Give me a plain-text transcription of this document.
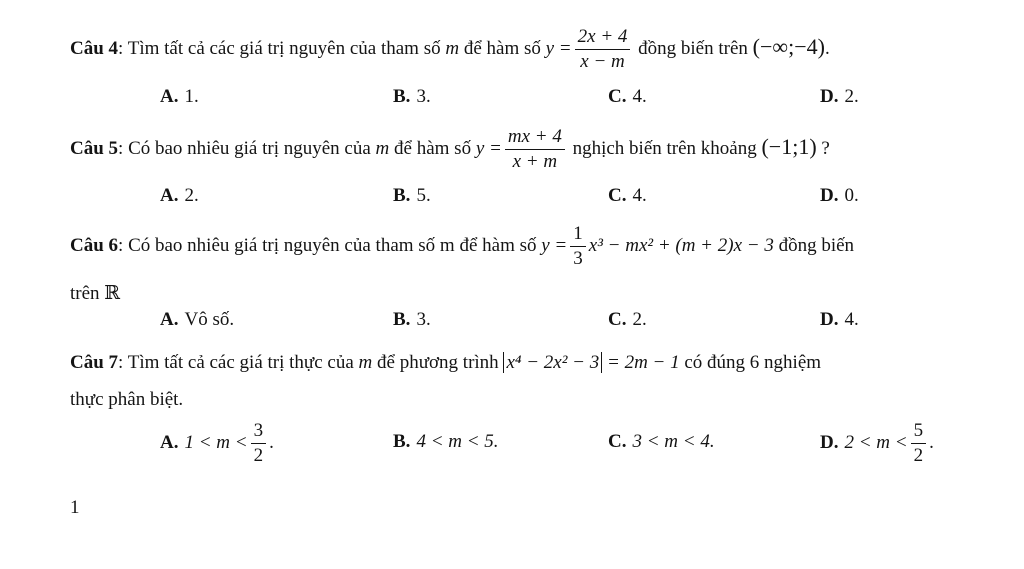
Câu 4: Tìm tất cả các giá trị nguyên của tham số m để hàm số $y = \frac{2x + 4}{x - m}$ đồng biến trên (−∞;−4).
A. 1.	B. 3.	C. 4.	D. 2.
Câu 5: Có bao nhiêu giá trị nguyên của m để hàm số $y = \frac{mx + 4}{x + m}$ nghịch biến trên khoảng (−1;1) ?
A. 2.	B. 5.	C. 4.	D. 0.
Câu 6: Có bao nhiêu giá trị nguyên của tham số m để hàm số $y = \frac{1}{3} x^3 - mx^2 + (m + 2)x - 3$ đồng biến
trên ℝ
A. Vô số.	B. 3.	C. 2.	D. 4.
Câu 7: Tìm tất cả các giá trị thực của m để phương trình x⁴ − 2x² − 3 = 2m − 1 có đúng 6 nghiệm
thực phân biệt.
A. $1 < m < \frac{3}{2}$ .	B. 4 < m < 5.	C. 3 < m < 4.	D. $2 < m < \frac{5}{2}$ .
1
